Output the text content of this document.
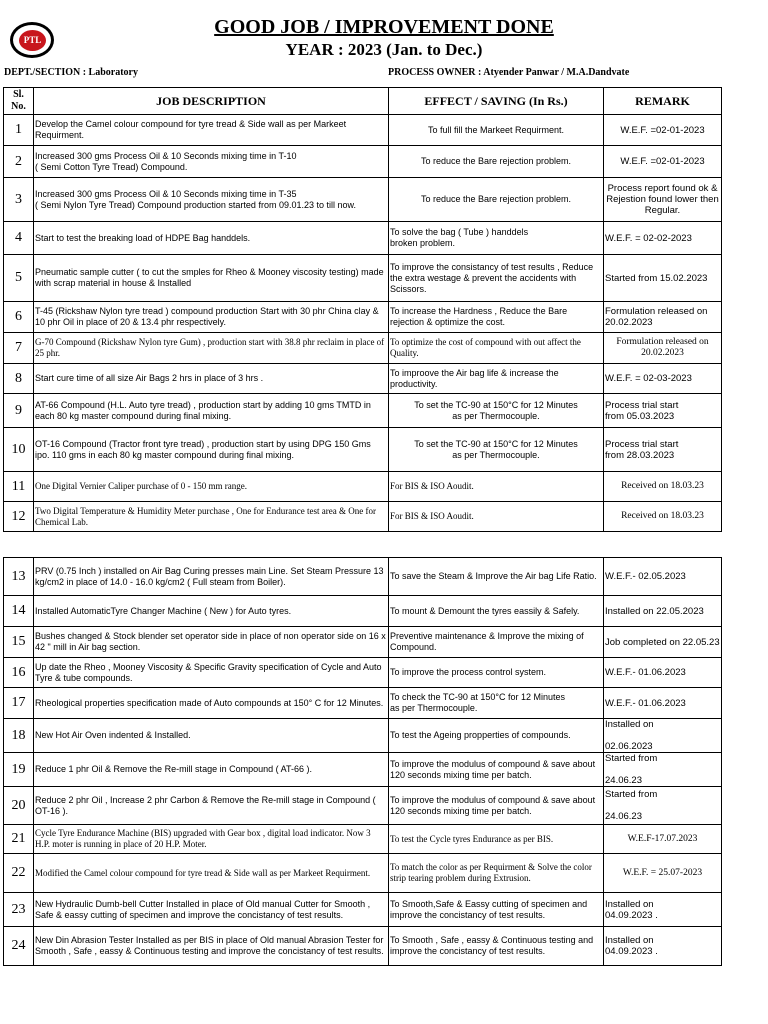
PTL
GOOD JOB / IMPROVEMENT DONE
YEAR : 2023 (Jan. to Dec.)
DEPT./SECTION : Laboratory	PROCESS OWNER : Atyender Panwar / M.A.Dandvate
Sl. No.	JOB DESCRIPTION	EFFECT / SAVING (In Rs.)	REMARK
1	Develop the Camel colour compound for tyre tread & Side wall as per Markeet Requirment.	To full fill the Markeet Requirment.	W.E.F. =02-01-2023
2	Increased 300 gms Process Oil & 10 Seconds mixing time in T-10
( Semi Cotton Tyre Tread) Compound.	To reduce the Bare rejection problem.	W.E.F. =02-01-2023
3	Increased 300 gms Process Oil & 10 Seconds mixing time in T-35
( Semi Nylon Tyre Tread) Compound production started from 09.01.23 to till now.	To reduce the Bare rejection problem.	Process report found ok & Rejestion found lower then Regular.
4	Start to test the breaking load of HDPE Bag handdels.	To solve the bag ( Tube ) handdels
broken problem.	W.E.F. = 02-02-2023
5	Pneumatic sample cutter ( to cut the smples for Rheo & Mooney viscosity testing) made with scrap material in house & Installed	To improve the consistancy of test results , Reduce the extra westage & prevent the accidents with Scissors.	Started from 15.02.2023
6	T-45 (Rickshaw Nylon tyre tread ) compound production Start with 30 phr China clay & 10 phr Oil in place of 20 & 13.4 phr respectively.	To increase the Hardness , Reduce the Bare rejection & optimize the cost.	Formulation released on 20.02.2023
7	G-70 Compound (Rickshaw Nylon tyre Gum) , production start with 38.8 phr reclaim in place of 25 phr.	To optimize the cost of compound with out affect the Quality.	Formulation released on 20.02.2023
8	Start cure time of all size Air Bags 2 hrs in place of 3 hrs .	To improove the Air bag life & increase the productivity.	W.E.F. = 02-03-2023
9	AT-66 Compound (H.L. Auto tyre tread) , production start by adding 10 gms TMTD in each 80 kg master compound during final mixing.	To set the TC-90 at 150°C for 12 Minutes
as per Thermocouple.	Process trial start
from 05.03.2023
10	OT-16 Compound (Tractor front tyre tread) , production start by using DPG 150 Gms ipo. 110 gms in each 80 kg master compound during final mixing.	To set the TC-90 at 150°C for 12 Minutes
as per Thermocouple.	Process trial start
from 28.03.2023
11	One Digital Vernier Caliper purchase of 0 - 150 mm range.	For BIS & ISO Aoudit.	Received on 18.03.23
12	Two Digital Temperature & Humidity Meter purchase , One for Endurance test area & One for Chemical Lab.	For BIS & ISO Aoudit.	Received on 18.03.23
13	PRV (0.75 Inch ) installed on Air Bag Curing presses main Line. Set Steam Pressure 13 kg/cm2 in place of 14.0 - 16.0 kg/cm2 ( Full steam from Boiler).	To save the Steam & Improve the Air bag Life Ratio.	W.E.F.- 02.05.2023
14	Installed AutomaticTyre Changer Machine ( New ) for Auto tyres.	To mount & Demount the tyres eassily & Safely.	Installed on 22.05.2023
15	Bushes changed & Stock blender set operator side in place of non operator side on 16 x 42 " mill in Air bag section.	Preventive maintenance & Improve the mixing of Compound.	Job completed on 22.05.23
16	Up date the Rheo , Mooney Viscosity & Specific Gravity specification of Cycle and Auto Tyre & tube compounds.	To improve the process control system.	W.E.F.- 01.06.2023
17	Rheological properties specification made of Auto compounds at 150° C for 12 Minutes.	To check the TC-90 at 150°C for 12 Minutes
as per Thermocouple.	W.E.F.- 01.06.2023
18	New Hot Air Oven indented & Installed.	To test the Ageing propperties of compounds.	Installed on

02.06.2023
19	Reduce 1 phr Oil & Remove the Re-mill stage in Compound ( AT-66 ).	To improve the modulus of compound & save about 120 seconds mixing time per batch.	Started from

24.06.23
20	Reduce 2 phr Oil , Increase 2 phr Carbon & Remove the Re-mill stage in Compound ( OT-16 ).	To improve the modulus of compound & save about 120 seconds mixing time per batch.	Started from

24.06.23
21	Cycle Tyre Endurance Machine (BIS) upgraded with Gear box , digital load indicator. Now 3 H.P. moter is running in place of 20 H.P. Moter.	To test the Cycle tyres Endurance as per BIS.	W.E.F-17.07.2023
22	Modified the Camel colour compound for tyre tread & Side wall as per Markeet Requirment.	To match the color as per Requirment & Solve the color strip tearing problem during Extrusion.	W.E.F. = 25.07-2023
23	New Hydraulic Dumb-bell Cutter Installed in place of Old manual Cutter for Smooth , Safe & eassy cutting of specimen and improve the concistancy of test results.	To Smooth,Safe & Eassy cutting of specimen and improve the concistancy of test results.	Installed on
04.09.2023 .
24	New Din Abrasion Tester Installed as per BIS in place of Old manual Abrasion Tester for Smooth , Safe , eassy & Continuous testing and improve the concistancy of test results.	To Smooth , Safe , eassy & Continuous testing and improve the concistancy of test results.	Installed on
04.09.2023 .
